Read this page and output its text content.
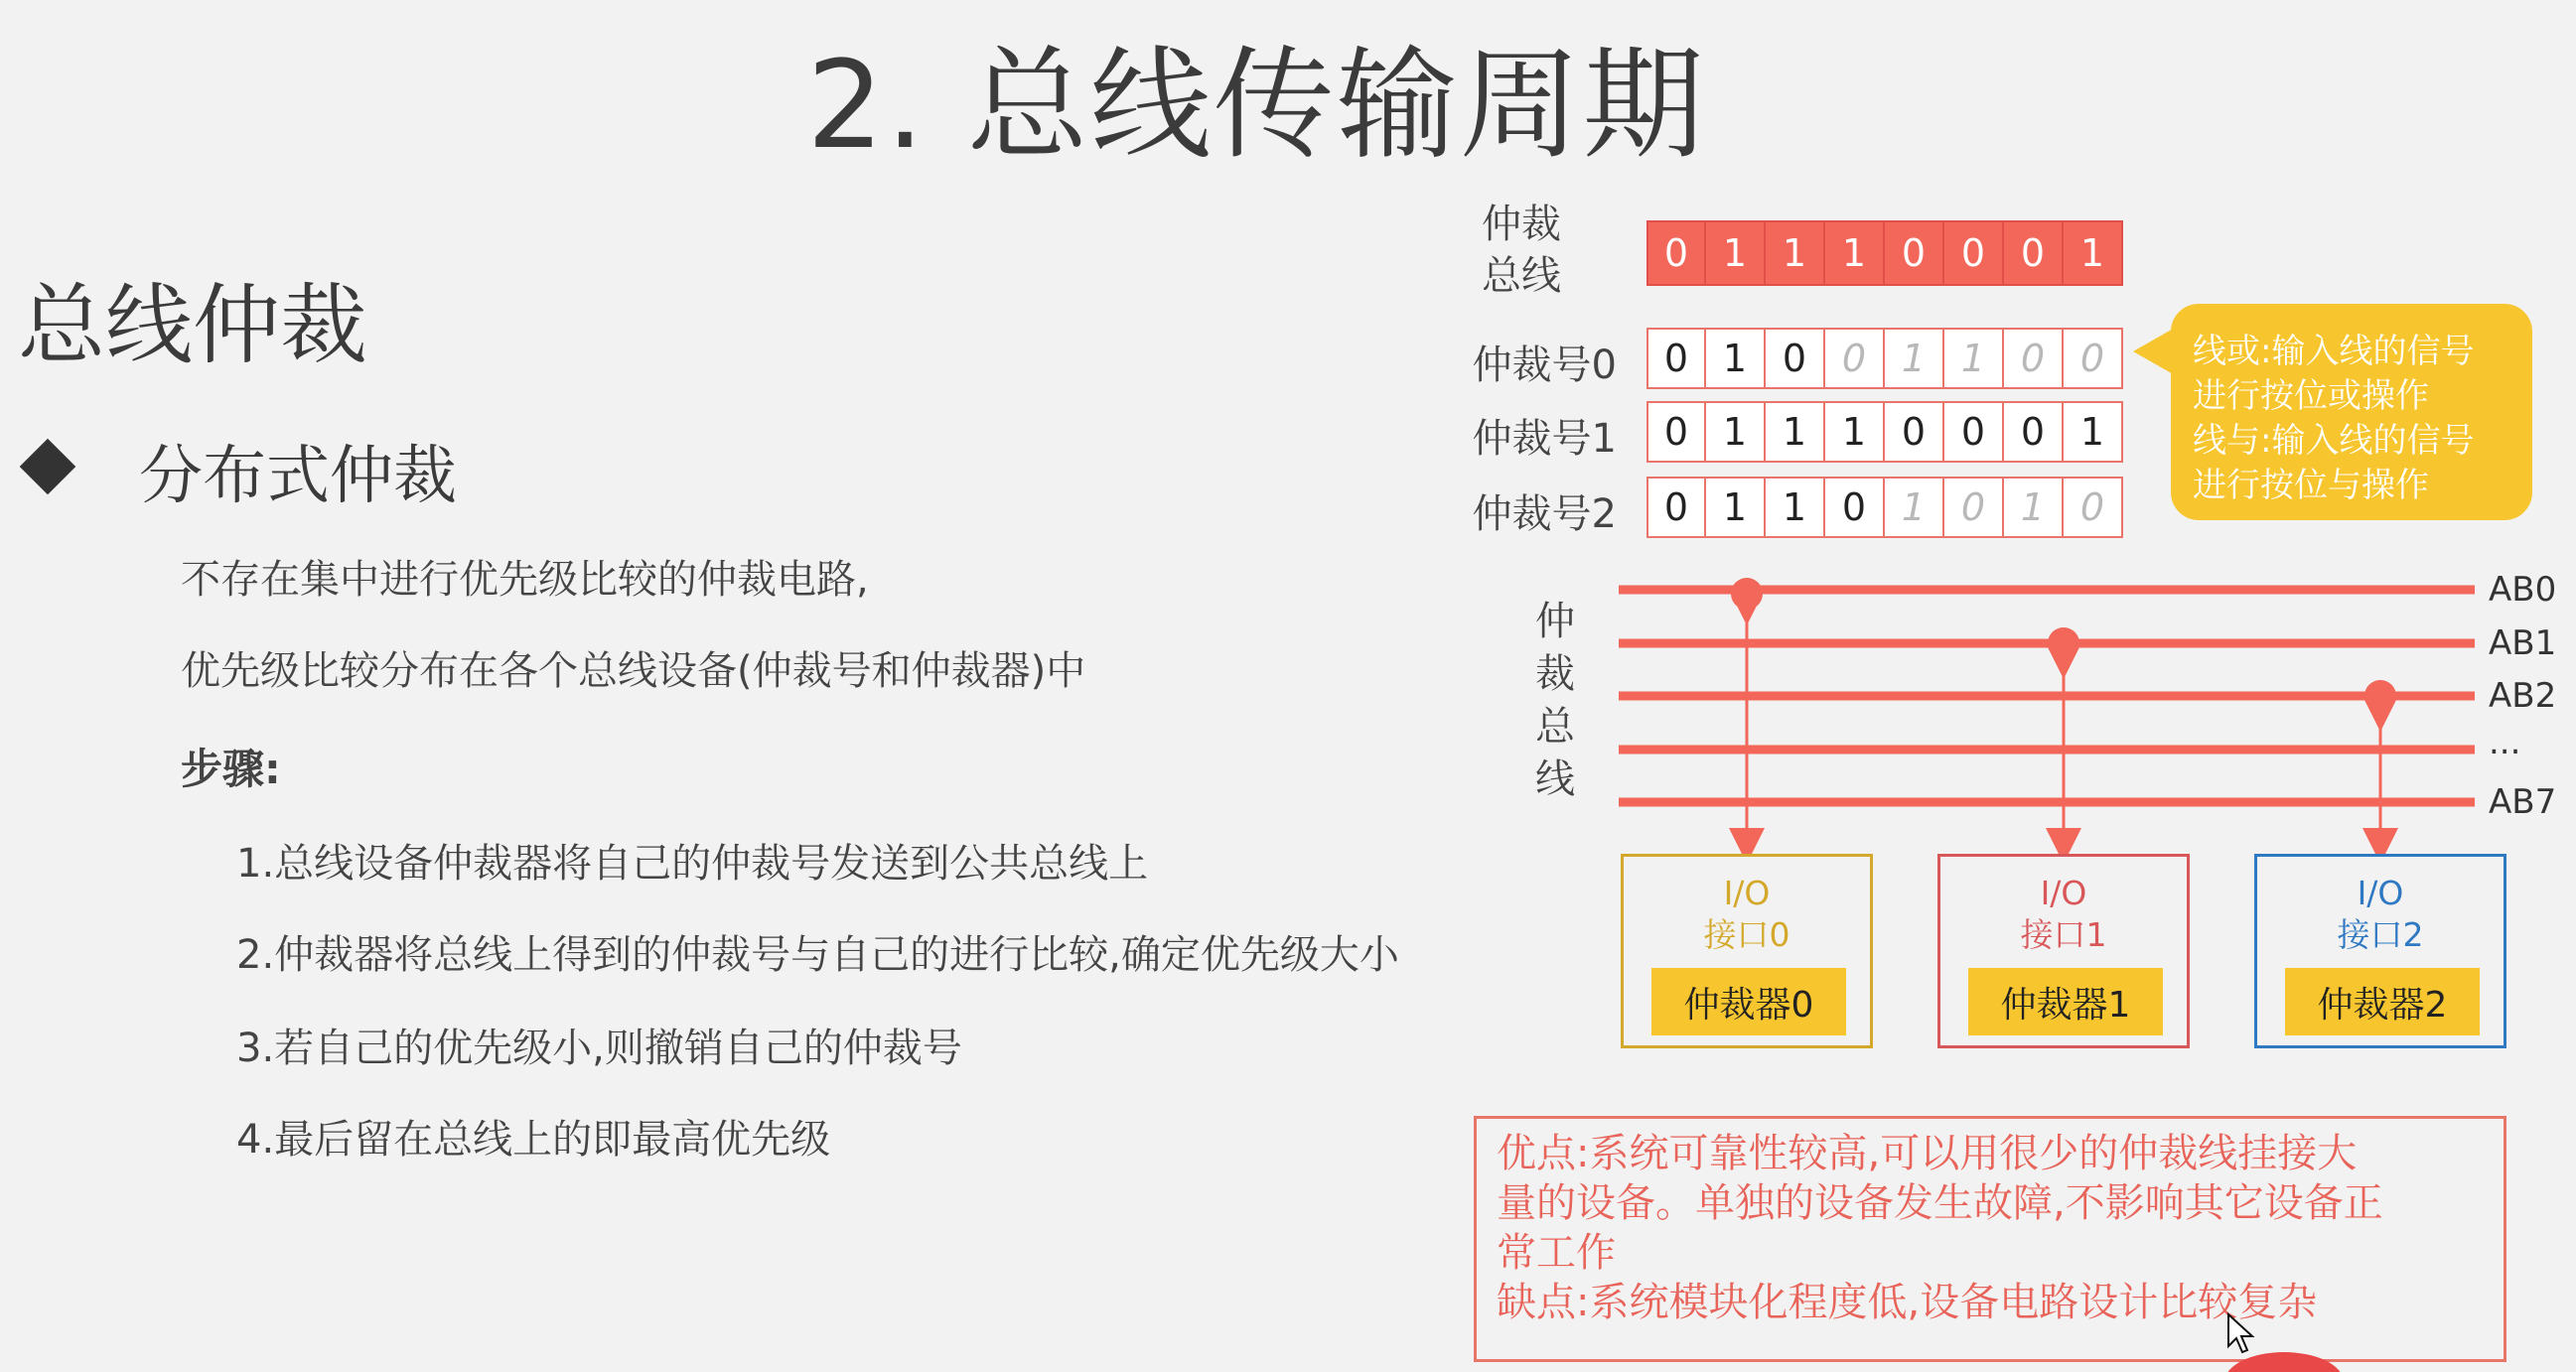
2. 总线传输周期
总线仲裁
分布式仲裁
不存在集中进行优先级比较的仲裁电路,
优先级比较分布在各个总线设备(仲裁号和仲裁器)中
步骤:
1.总线设备仲裁器将自己的仲裁号发送到公共总线上
2.仲裁器将总线上得到的仲裁号与自己的进行比较,确定优先级大小
3.若自己的优先级小,则撤销自己的仲裁号
4.最后留在总线上的即最高优先级
仲裁
总线	0 1 1 1 0 0 0 1
仲裁号0	0 1 0 0 1 1 0 0
仲裁号1	0 1 1 1 0 0 0 1
仲裁号2	0 1 1 0 1 0 1 0
线或:输入线的信号
进行按位或操作
线与:输入线的信号
进行按位与操作
仲
裁
总
线
AB0
AB1
AB2
...
AB7
I/O
接口0
仲裁器0
I/O
接口1
仲裁器1
I/O
接口2
仲裁器2
优点:系统可靠性较高,可以用很少的仲裁线挂接大
量的设备。单独的设备发生故障,不影响其它设备正
常工作
缺点:系统模块化程度低,设备电路设计比较复杂
